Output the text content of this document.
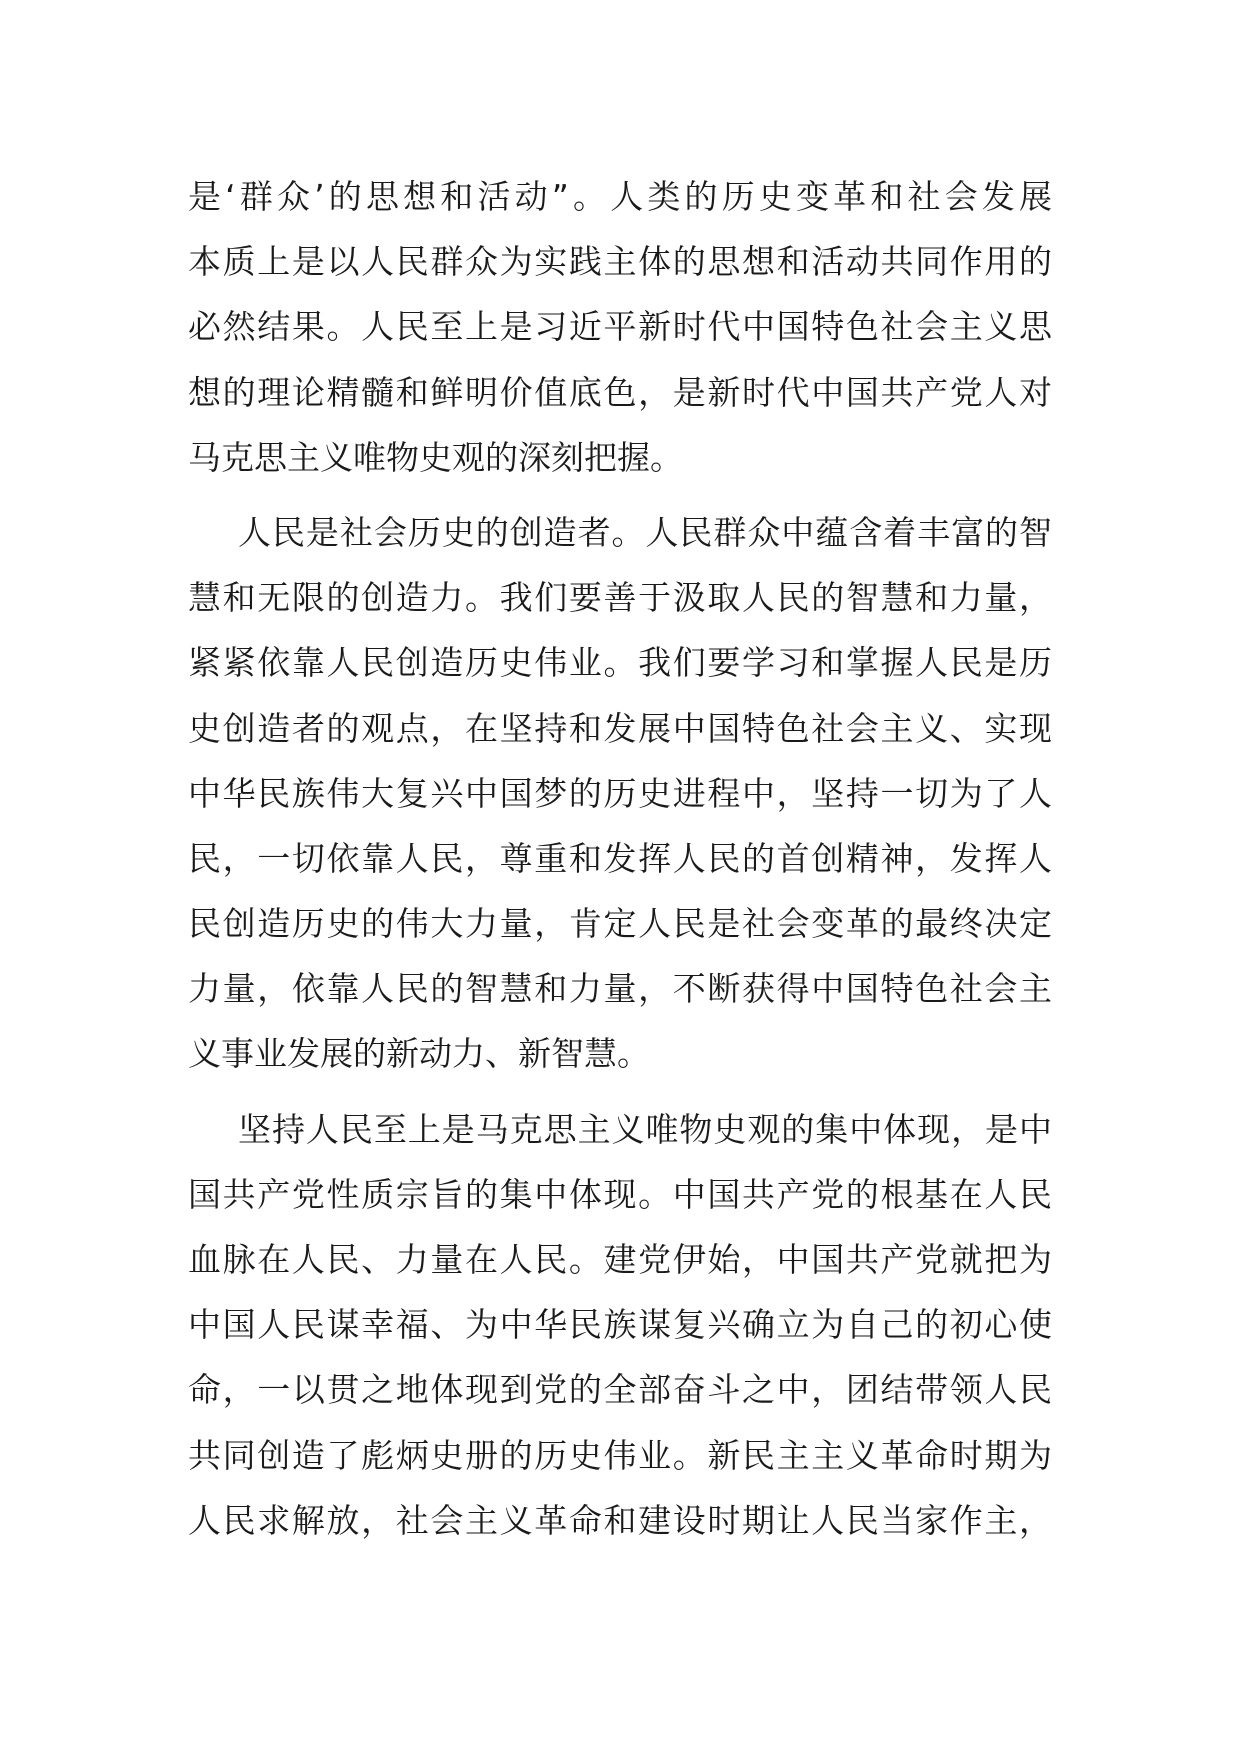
是‘群众’的思想和活动”。人类的历史变革和社会发展
本质上是以人民群众为实践主体的思想和活动共同作用的
必然结果。人民至上是习近平新时代中国特色社会主义思
想的理论精髓和鲜明价值底色，是新时代中国共产党人对
马克思主义唯物史观的深刻把握。
人民是社会历史的创造者。人民群众中蕴含着丰富的智
慧和无限的创造力。我们要善于汲取人民的智慧和力量，
紧紧依靠人民创造历史伟业。我们要学习和掌握人民是历
史创造者的观点，在坚持和发展中国特色社会主义、实现
中华民族伟大复兴中国梦的历史进程中，坚持一切为了人
民，一切依靠人民，尊重和发挥人民的首创精神，发挥人
民创造历史的伟大力量，肯定人民是社会变革的最终决定
力量，依靠人民的智慧和力量，不断获得中国特色社会主
义事业发展的新动力、新智慧。
坚持人民至上是马克思主义唯物史观的集中体现，是中
国共产党性质宗旨的集中体现。中国共产党的根基在人民
血脉在人民、力量在人民。建党伊始，中国共产党就把为
中国人民谋幸福、为中华民族谋复兴确立为自己的初心使
命，一以贯之地体现到党的全部奋斗之中，团结带领人民
共同创造了彪炳史册的历史伟业。新民主主义革命时期为
人民求解放，社会主义革命和建设时期让人民当家作主，
